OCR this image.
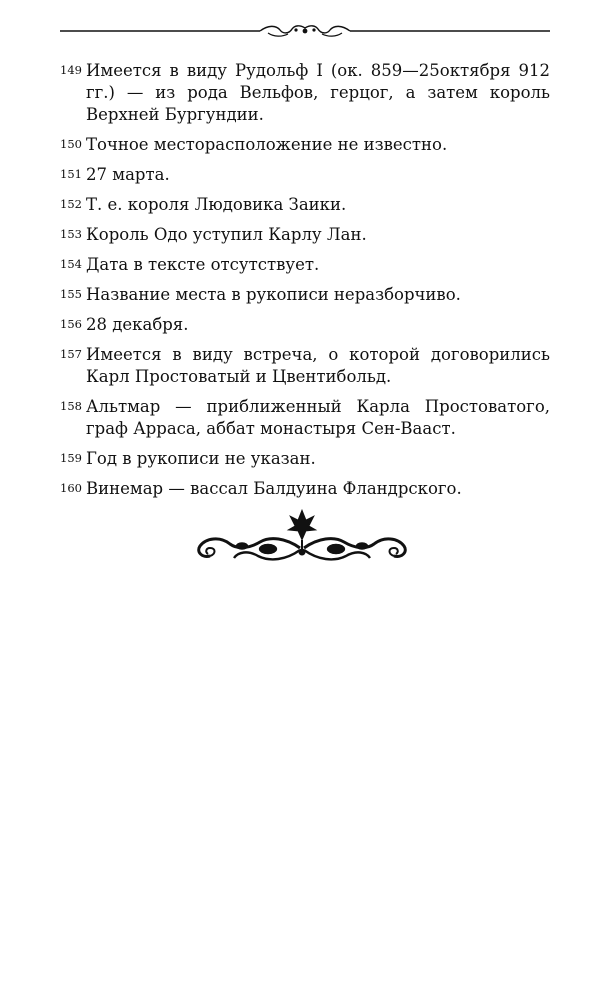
149 Имеется в виду Рудольф I (ок. 859—25октября 912 гг.) — из рода Вельфов, герцог, а затем король Верхней Бургундии.
150 Точное месторасположение не известно.
151 27 марта.
152 Т. е. короля Людовика Заики.
153 Король Одо уступил Карлу Лан.
154 Дата в тексте отсутствует.
155 Название места в рукописи неразборчиво.
156 28 декабря.
157 Имеется в виду встреча, о которой договорились Карл Простоватый и Цвентибольд.
158 Альтмар — приближенный Карла Простоватого, граф Арраса, аббат монастыря Сен-Вааст.
159 Год в рукописи не указан.
160 Винемар — вассал Балдуина Фландрского.
